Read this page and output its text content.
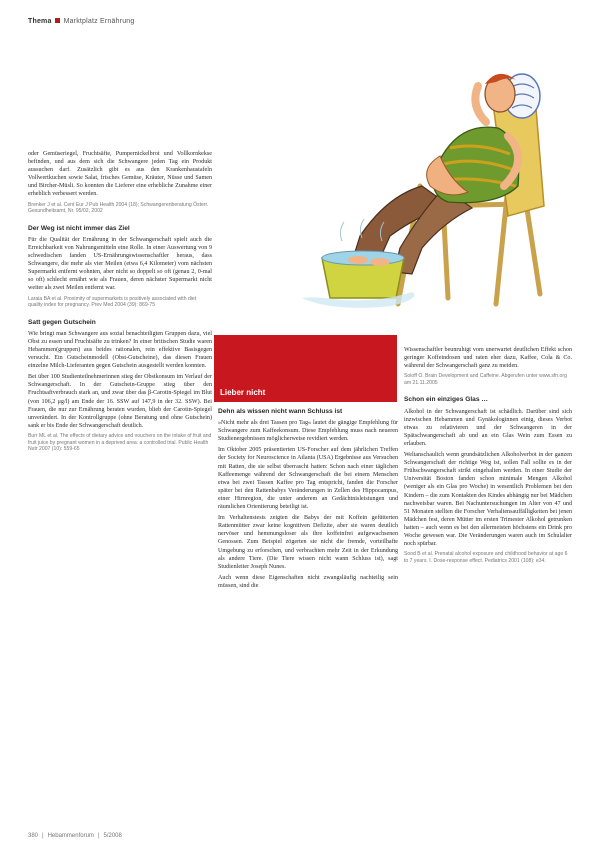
Thema Marktplatz Ernährung

oder Gemüseriegel, Fruchtsäfte, Pumpernickelbrot und Vollkornkekse befinden, und aus dem sich die Schwangere jeden Tag ein Produkt aussuchen darf. Zusätzlich gibt es aus den Krankenhaustafeln Vollwertkuchen sowie Salat, frisches Gemüse, Kräuter, Nüsse und Samen und Bircher-Müsli. So konnten die Lieferer eine erhebliche Zunahme einer erheblich verbessert werden.

Brenker J et al. Cent Eur J Pub Health 2004 (18); Schwangerenberatung Österr. Gesundheitsamt, Nr. 95/02, 2002
Der Weg ist nicht immer das Ziel

Für die Qualität der Ernährung in der Schwangerschaft spielt auch die Erreichbarkeit von Nahrungsmitteln eine Rolle. In einer Auswertung von 9 schwedischen fanden US-Ernährungswissenschaftler heraus, dass Schwangere, die mehr als vier Meilen (etwa 6,4 Kilometer) vom nächsten Supermarkt entfernt wohnten, aber nicht so doppelt so oft (genau 2, 0-mal so oft) schlecht ernährt wie als Frauen, deren nächster Supermarkt nicht weiter als zwei Meilen entfernt war.

Laraia BA et al. Proximity of supermarkets is positively associated with diet quality index for pregnancy. Prev Med 2004 (39): 869-75
Satt gegen Gutschein

Wie bringt man Schwangere aus sozial benachteiligten Gruppen dazu, viel Obst zu essen und Fruchtsäfte zu trinken? In einer britischen Studie waren Hebammen(gruppen) aus beides rationalen, rein effektive Basisgegen versucht. Ein Gutscheinmodell (Obst-Gutscheine), das diesen Frauen einzelne Milch-Lieferanten gegen Gutschein ausgestellt werden konnten.

Bei über 100 Studienteilnehmerinnen stieg der Obstkonsum im Verlauf der Schwangerschaft. In der Gutschein-Gruppe stieg über den Fruchtsaftverbrauch stark an, und zwar über das β-Carotin-Spiegel im Blut (von 106,2 μg/l) am Ende der 16. SSW auf 147,9 in der 32. SSW). Bei Frauen, die nur zur Ernährung beraten wurden, blieb der Carotin-Spiegel unverändert. In der Kontrollgruppe (ohne Beratung und ohne Gutschein) sank er bis Ende der Schwangerschaft deutlich.

Burr ML et al. The effects of dietary advice and vouchers on the intake of fruit and fruit juice by pregnant women in a deprived area: a controlled trial. Public Health Nutr 2007 (10): 559-65
Lieber nicht
Dehn als wissen nicht wann Schluss ist

»Nicht mehr als drei Tassen pro Tag« lautet die gängige Empfehlung für Schwangere zum Kaffeekonsum. Diese Empfehlung muss nach neueren Studienergebnissen möglicherweise revidiert werden.

Im Oktober 2005 präsentierten US-Forscher auf dem jährlichen Treffen der Society for Neuroscience in Atlanta (USA) Ergebnisse aus Versuchen mit Ratten, die sie selbst überrascht hatten: Schon nach einer täglichen Kaffeemenge während der Schwangerschaft die bei einem Menschen etwa bei zwei Tassen Kaffee pro Tag entspricht, fanden die Forscher später bei den Rattenbabys Veränderungen in Zellen des Hippocampus, einer Hirnregion, die unter anderem an Gedächtnisleistungen und räumlichen Orientierung beteiligt ist.

Im Verhaltenstests zeigten die Babys der mit Koffein gefütterten Rattenmütter zwar keine kognitiven Defizite, aber sie waren deutlich nervöser und hemmungsloser als ihre koffeinfrei aufgewachsenen Genossen. Zum Beispiel zögerten sie nicht die fremde, vorteilhafte Umgebung zu erforschen, und verbrachten mehr Zeit in der Erkundung als andere Tiere. (Die Tiere wissen nicht wann Schluss ist), sagt Studienleiter Joseph Nunes.

Auch wenn diese Eigenschaften nicht zwangsläufig nachteilig sein müssen, sind die

Wissenschaftler beunruhigt vom unerwartet deutlichen Effekt schon geringer Koffeindosen und raten eher dazu, Kaffee, Cola & Co. während der Schwangerschaft ganz zu meiden.

Soloff O. Brain Development and Caffeine. Abgerufen unter www.sfn.org am 21.11.2005
Schon ein einziges Glas …

Alkohol in der Schwangerschaft ist schädlich. Darüber sind sich inzwischen Hebammen und Gynäkologinnen einig, dieses Verbot etwas zu relativieren und der Schwangeren in der Spätschwangerschaft ab und an ein Glas Wein zum Essen zu erlauben.

Weltanschaulich wenn grundsätzlichen Alkoholverbot in der ganzen Schwangerschaft der richtige Weg ist, sollen Fall sollte es in der Frühschwangerschaft strikt eingehalten werden. In einer Studie der Universität Boston fanden schon minimale Mengen Alkohol (weniger als ein Glas pro Woche) in wesentlich Problemen bei den Kindern – die zum Kontakten des Kindes abhängig nur bei Mädchen nachweisbar waren. Bei Nachuntersuchungen im Alter von 47 und 51 Monaten stellten die Forscher Verhaltensauffälligkeiten bei jenen Mädchen fest, deren Mütter im ersten Trimester Alkohol getrunken hatten – auch wenn es bei den allermeisten höchstens ein Drink pro Woche gewesen war. Die Veränderungen waren auch im Schulalter noch spürbar.

Sood B et al. Prenatal alcohol exposure and childhood behavior at age 6 to 7 years. I. Dose-response effect. Pediatrics 2001 (108): e34.
380 | Hebammenforum | 5/2008
